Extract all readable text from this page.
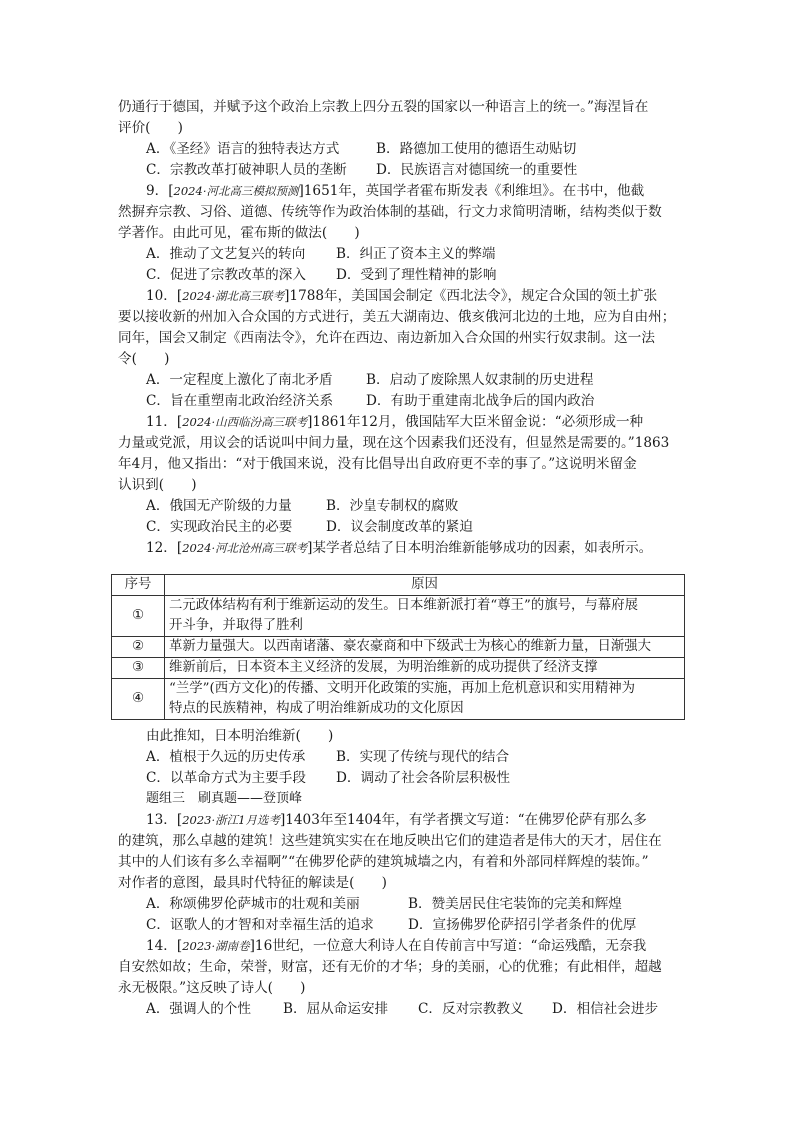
仍通行于德国，并赋予这个政治上宗教上四分五裂的国家以一种语言上的统一。”海涅旨在
评价(　　)
A．《圣经》语言的独特表达方式	B．路德加工使用的德语生动贴切
C．宗教改革打破神职人员的垄断 D．民族语言对德国统一的重要性
9．[2024·河北高三模拟预测]1651年，英国学者霍布斯发表《利维坦》。在书中，他截
然摒弃宗教、习俗、道德、传统等作为政治体制的基础，行文力求简明清晰，结构类似于数
学著作。由此可见，霍布斯的做法(　　)
A．推动了文艺复兴的转向 B．纠正了资本主义的弊端
C．促进了宗教改革的深入 D．受到了理性精神的影响
10．[2024·湖北高三联考]1788年，美国国会制定《西北法令》，规定合众国的领土扩张
要以接收新的州加入合众国的方式进行，美五大湖南边、俄亥俄河北边的土地，应为自由州；
同年，国会又制定《西南法令》，允许在西边、南边新加入合众国的州实行奴隶制。这一法
令(　　)
A．一定程度上激化了南北矛盾 B．启动了废除黑人奴隶制的历史进程
C．旨在重塑南北政治经济关系 D．有助于重建南北战争后的国内政治
11．[2024·山西临汾高三联考]1861年12月，俄国陆军大臣米留金说：“必须形成一种
力量或党派，用议会的话说叫中间力量，现在这个因素我们还没有，但显然是需要的。”1863
年4月，他又指出：“对于俄国来说，没有比倡导出自政府更不幸的事了。”这说明米留金
认识到(　　)
A．俄国无产阶级的力量	B．沙皇专制权的腐败
C．实现政治民主的必要 D．议会制度改革的紧迫
12．[2024·河北沧州高三联考]某学者总结了日本明治维新能够成功的因素，如表所示。
序号	原因
①	二元政体结构有利于维新运动的发生。日本维新派打着“尊王”的旗号，与幕府展
开斗争，并取得了胜利

②	革新力量强大。以西南诸藩、豪农豪商和中下级武士为核心的维新力量，日渐强大

③	维新前后，日本资本主义经济的发展，为明治维新的成功提供了经济支撑

④	“兰学”(西方文化)的传播、文明开化政策的实施，再加上危机意识和实用精神为
特点的民族精神，构成了明治维新成功的文化原因
由此推知，日本明治维新(　　)
A．植根于久远的历史传承 B．实现了传统与现代的结合
C．以革命方式为主要手段 D．调动了社会各阶层积极性
题组三　刷真题——登顶峰
13．[2023·浙江1月选考]1403年至1404年，有学者撰文写道：“在佛罗伦萨有那么多
的建筑，那么卓越的建筑！这些建筑实实在在地反映出它们的建造者是伟大的天才，居住在
其中的人们该有多么幸福啊”“在佛罗伦萨的建筑城墙之内，有着和外部同样辉煌的装饰。”
对作者的意图，最具时代特征的解读是(　　)
A．称颂佛罗伦萨城市的壮观和美丽	B．赞美居民住宅装饰的完美和辉煌
C．讴歌人的才智和对幸福生活的追求	D．宣扬佛罗伦萨招引学者条件的优厚
14．[2023·湖南卷]16世纪，一位意大利诗人在自传前言中写道：“命运残酷，无奈我
自安然如故；生命，荣誉，财富，还有无价的才华；身的美丽，心的优雅；有此相伴，超越
永无极限。”这反映了诗人(　　)
A．强调人的个性 B．屈从命运安排 C．反对宗教教义 D．相信社会进步
